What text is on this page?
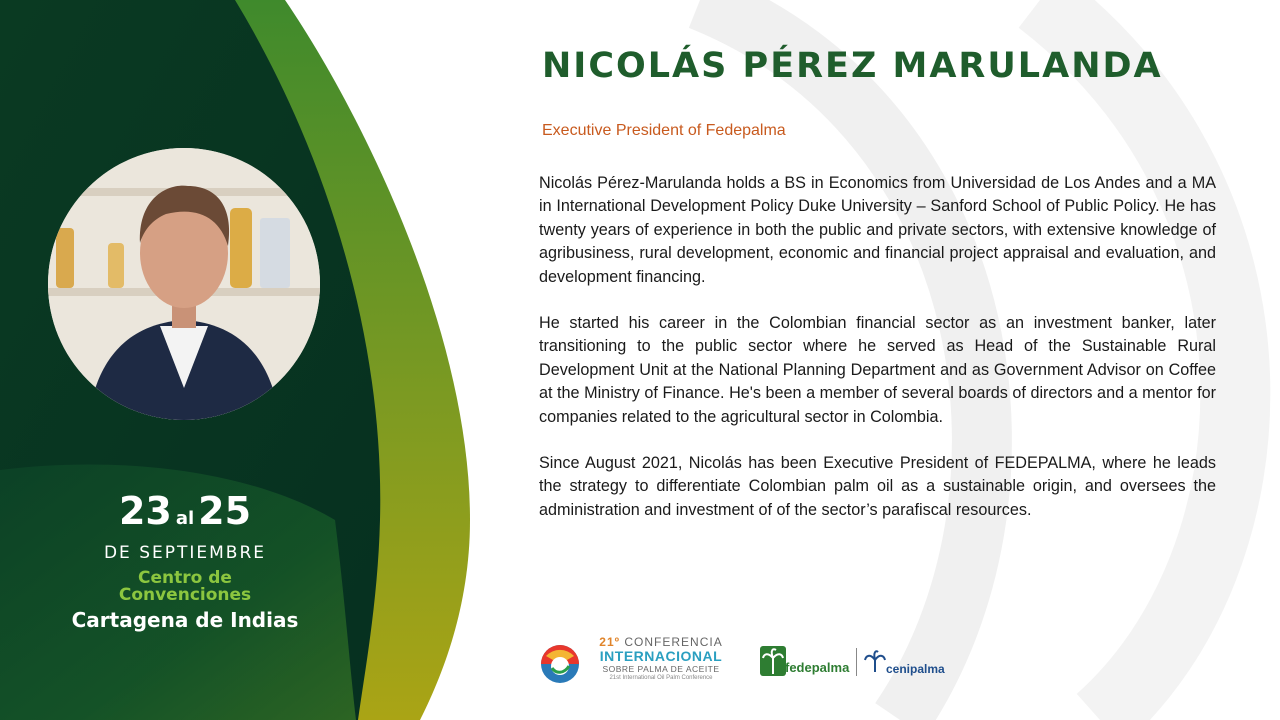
23 al 25
DE SEPTIEMBRE
Centro de
Convenciones
Cartagena de Indias
NICOLÁS PÉREZ MARULANDA
Executive President of Fedepalma

Nicolás Pérez-Marulanda holds a BS in Economics from Universidad de Los Andes and a MA in International Development Policy Duke University – Sanford School of Public Policy. He has twenty years of experience in both the public and private sectors, with extensive knowledge of agribusiness, rural development, economic and financial project appraisal and evaluation, and development financing.

He started his career in the Colombian financial sector as an investment banker, later transitioning to the public sector where he served as Head of the Sustainable Rural Development Unit at the National Planning Department and as Government Advisor on Coffee at the Ministry of Finance. He's been a member of several boards of directors and a mentor for companies related to the agricultural sector in Colombia.

Since August 2021, Nicolás has been Executive President of FEDEPALMA, where he leads the strategy to differentiate Colombian palm oil as a sustainable origin, and oversees the administration and investment of of the sector’s parafiscal resources.

21º CONFERENCIA
INTERNACIONAL
SOBRE PALMA DE ACEITE
21st International Oil Palm Conference
fedepalma	cenipalma
